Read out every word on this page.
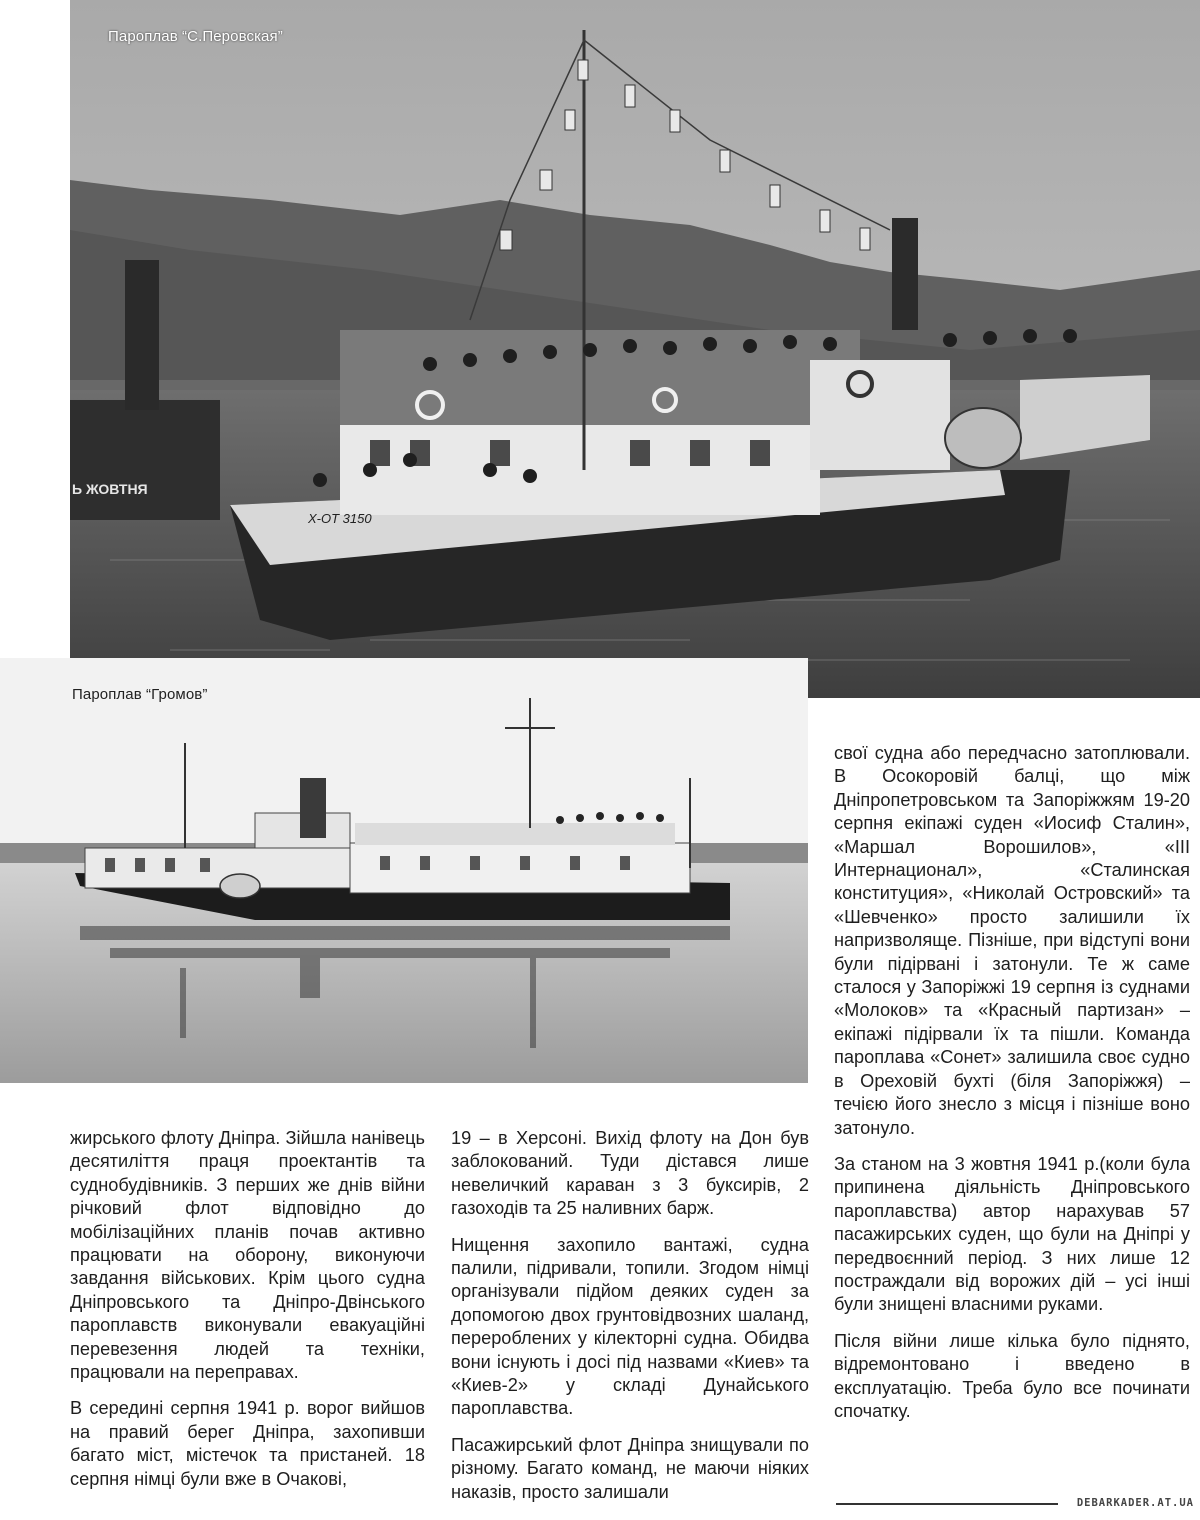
Ь ЖОВТНЯ
X-ОТ 3150
Пароплав “С.Перовская”
Пароплав “Громов”

жирського флоту Дніпра. Зійшла нанівець десятиліття праця проектантів та суднобудівників. З перших же днів війни річковий флот відповідно до мобілізаційних планів почав активно працювати на оборону, виконуючи завдання військових. Крім цього судна Дніпровського та Дніпро-Двінського пароплавств виконували евакуаційні перевезення людей та техніки, працювали на переправах.

В середині серпня 1941 р. ворог вийшов на правий берег Дніпра, захопивши багато міст, містечок та пристаней. 18 серпня німці були вже в Очакові,

19 – в Херсоні. Вихід флоту на Дон був заблокований. Туди дістався лише невеличкий караван з 3 буксирів, 2 газоходів та 25 наливних барж.

Нищення захопило вантажі, судна палили, підривали, топили. Згодом німці організували підйом деяких суден за допомогою двох грунтовідвозних шаланд, перероблених у кілекторні судна. Обидва вони існують і досі під назвами «Киев» та «Киев-2» у складі Дунайського пароплавства.

Пасажирський флот Дніпра знищували по різному. Багато команд, не маючи ніяких наказів, просто залишали

свої судна або передчасно затоплювали. В Осокоровій балці, що між Дніпропетровськом та Запоріжжям 19-20 серпня екіпажі суден «Иосиф Сталин», «Маршал Ворошилов», «III Интернационал», «Сталинская конституция», «Николай Островский» та «Шевченко» просто залишили їх напризволяще. Пізніше, при відступі вони були підірвані і затонули. Те ж саме сталося у Запоріжжі 19 серпня із суднами «Молоков» та «Красный партизан» – екіпажі підірвали їх та пішли. Команда пароплава «Сонет» залишила своє судно в Ореховій бухті (біля Запоріжжя) – течією його знесло з місця і пізніше воно затонуло.

За станом на 3 жовтня 1941 р.(коли була припинена діяльність Дніпровського пароплавства) автор нарахував 57 пасажирських суден, що були на Дніпрі у передвоєнний період. З них лише 12 постраждали від ворожих дій – усі інші були знищені власними руками.

Після війни лише кілька було піднято, відремонтовано і введено в експлуатацію. Треба було все починати спочатку.

DEBARKADER.AT.UA
